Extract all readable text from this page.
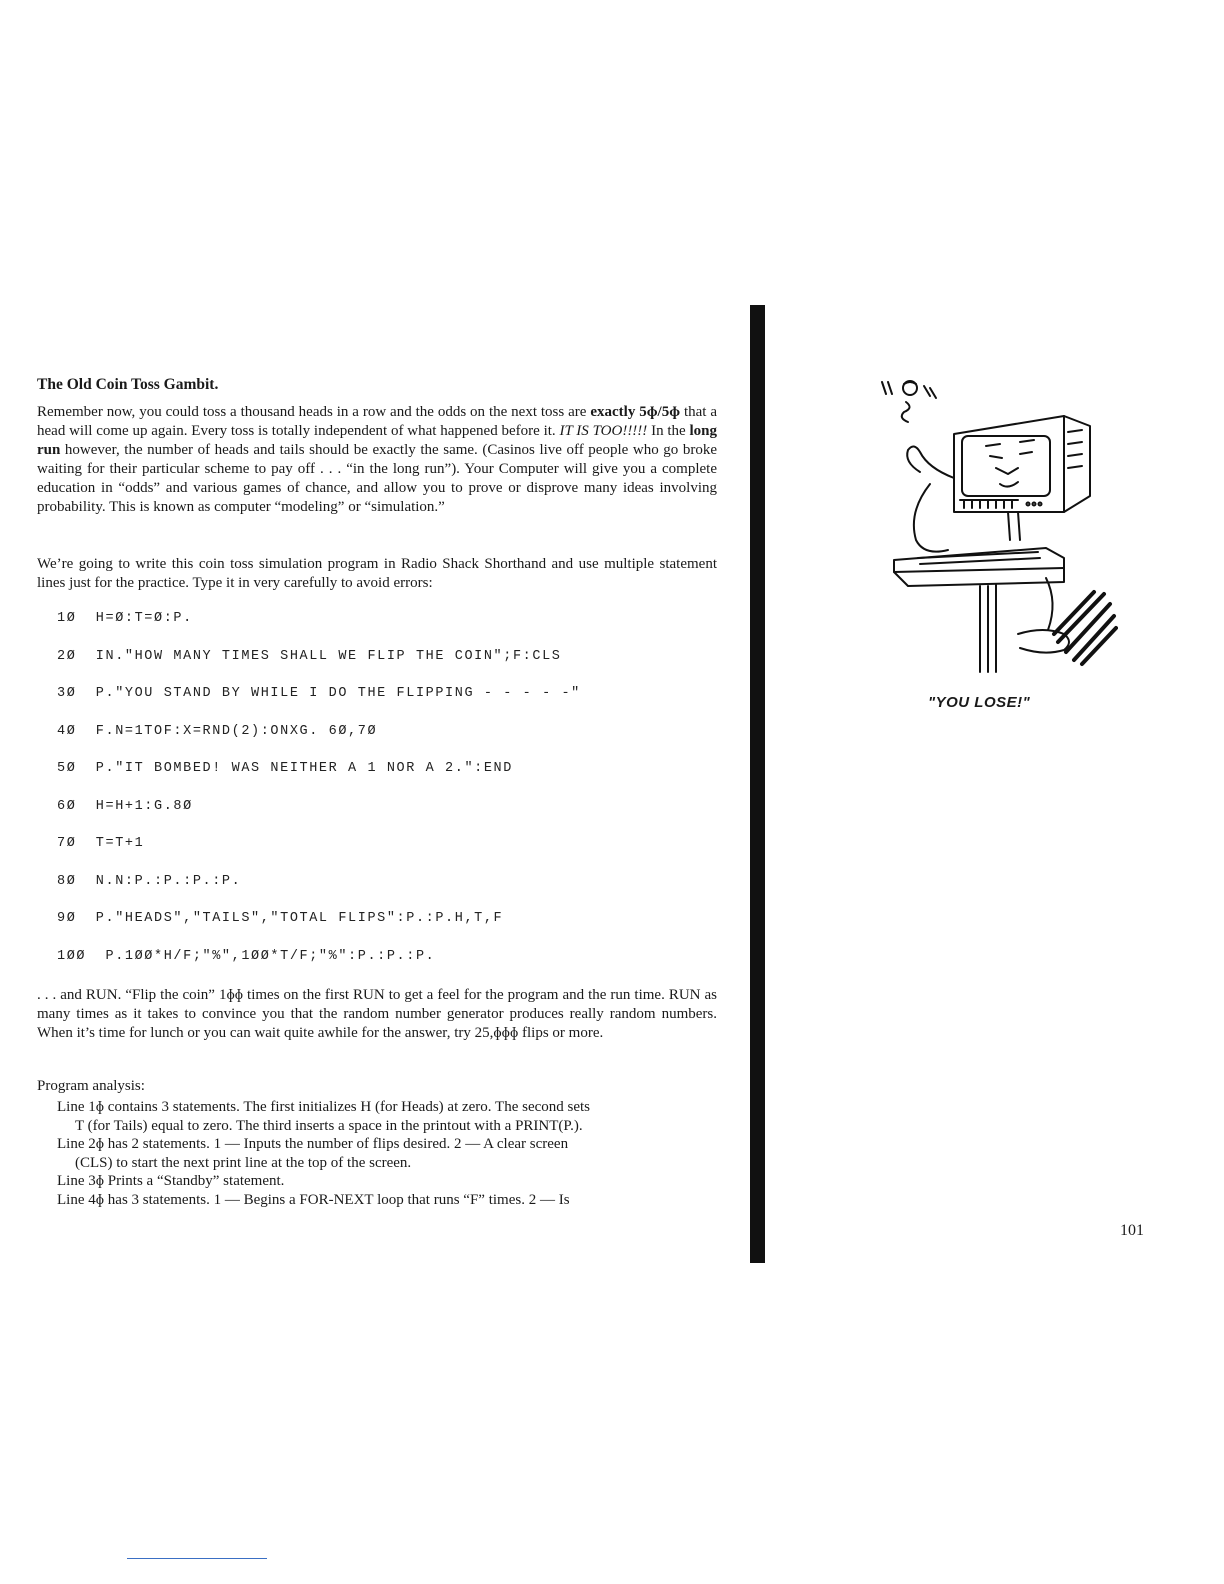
The Old Coin Toss Gambit.

Remember now, you could toss a thousand heads in a row and the odds on the next toss are exactly 5ɸ/5ɸ that a head will come up again. Every toss is totally independent of what happened before it. IT IS TOO!!!!! In the long run however, the number of heads and tails should be exactly the same. (Casinos live off people who go broke waiting for their particular scheme to pay off . . . “in the long run”). Your Computer will give you a complete education in “odds” and various games of chance, and allow you to prove or disprove many ideas involving probability. This is known as computer “modeling” or “simulation.”

We’re going to write this coin toss simulation program in Radio Shack Shorthand and use multiple statement lines just for the practice. Type it in very carefully to avoid errors:

1Ø  H=Ø:T=Ø:P.
2Ø  IN."HOW MANY TIMES SHALL WE FLIP THE COIN";F:CLS
3Ø  P."YOU STAND BY WHILE I DO THE FLIPPING - - - - -"
4Ø  F.N=1TOF:X=RND(2):ONXG. 6Ø,7Ø
5Ø  P."IT BOMBED! WAS NEITHER A 1 NOR A 2.":END
6Ø  H=H+1:G.8Ø
7Ø  T=T+1
8Ø  N.N:P.:P.:P.:P.
9Ø  P."HEADS","TAILS","TOTAL FLIPS":P.:P.H,T,F
1ØØ  P.1ØØ*H/F;"%",1ØØ*T/F;"%":P.:P.:P.

. . . and RUN. “Flip the coin” 1ɸɸ times on the first RUN to get a feel for the program and the run time. RUN as many times as it takes to convince you that the random number generator produces really random numbers. When it’s time for lunch or you can wait quite awhile for the answer, try 25,ɸɸɸ flips or more.

Program analysis:

Line 1ɸ contains 3 statements. The first initializes H (for Heads) at zero. The second sets
T (for Tails) equal to zero. The third inserts a space in the printout with a PRINT(P.).
Line 2ɸ has 2 statements. 1 — Inputs the number of flips desired. 2 — A clear screen
(CLS) to start the next print line at the top of the screen.
Line 3ɸ Prints a “Standby” statement.
Line 4ɸ has 3 statements. 1 — Begins a FOR-NEXT loop that runs “F” times. 2 — Is

"YOU LOSE!"

101
